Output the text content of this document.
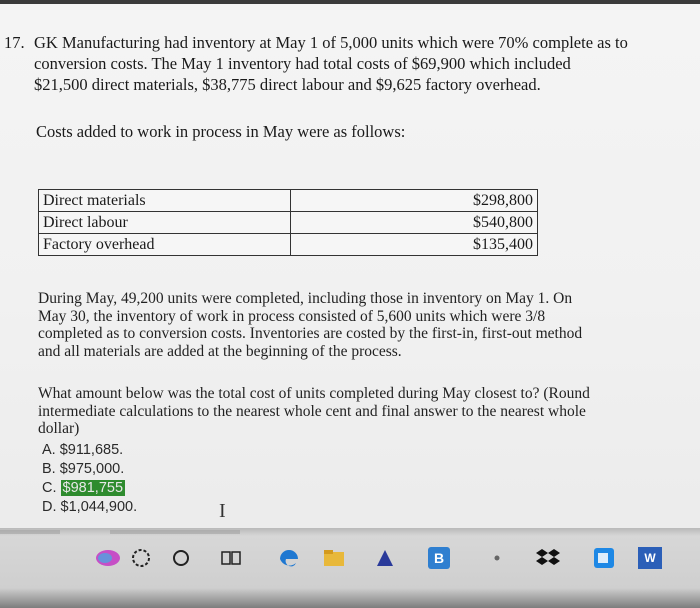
17. GK Manufacturing had inventory at May 1 of 5,000 units which were 70% complete as to
conversion costs. The May 1 inventory had total costs of $69,900 which included
$21,500 direct materials, $38,775 direct labour and $9,625 factory overhead.
Costs added to work in process in May were as follows:
Direct materials	$298,800
Direct labour	$540,800
Factory overhead	$135,400
During May, 49,200 units were completed, including those in inventory on May 1. On
May 30, the inventory of work in process consisted of 5,600 units which were 3/8
completed as to conversion costs. Inventories are costed by the first-in, first-out method
and all materials are added at the beginning of the process.
What amount below was the total cost of units completed during May closest to? (Round
intermediate calculations to the nearest whole cent and final answer to the nearest whole
dollar)
A. $911,685.
B. $975,000.
C. $981,755
D. $1,044,900.	I
B	W
